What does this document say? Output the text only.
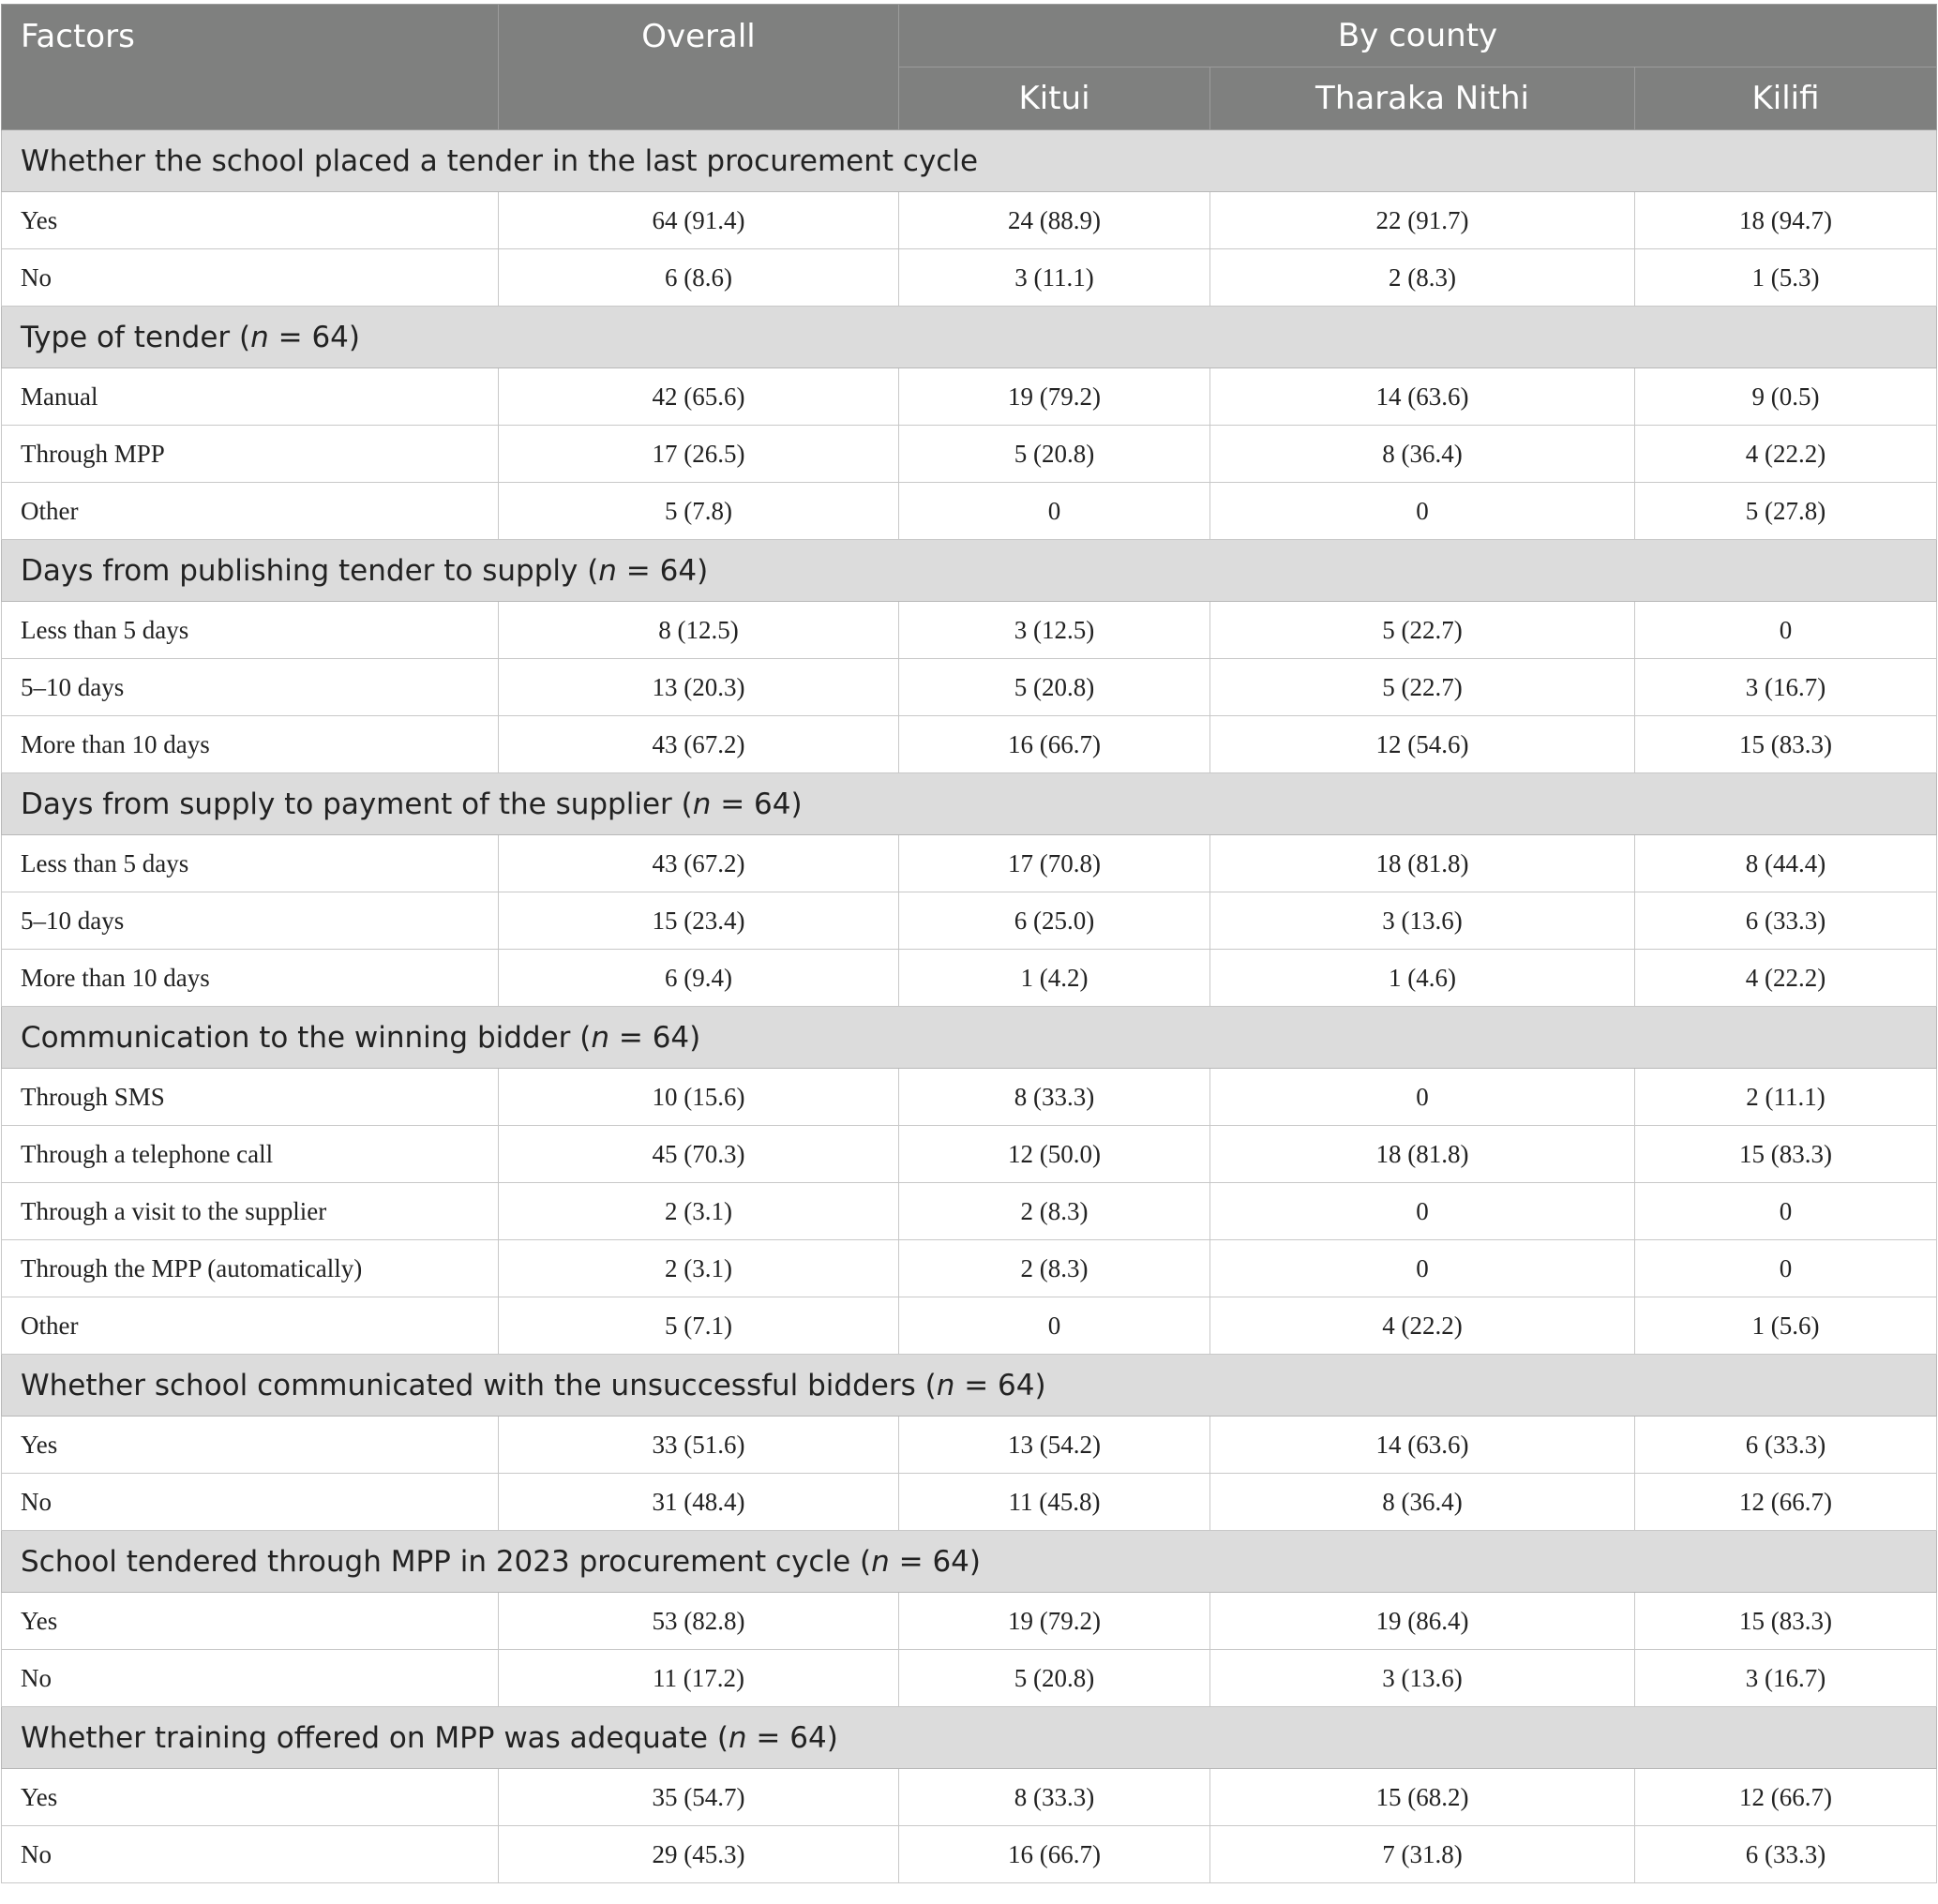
Factors	Overall	By county		
		Kitui	Tharaka Nithi	Kilifi
Whether the school placed a tender in the last procurement cycle				
Yes	64 (91.4)	24 (88.9)	22 (91.7)	18 (94.7)
No	6 (8.6)	3 (11.1)	2 (8.3)	1 (5.3)
Type of tender (n = 64)				
Manual	42 (65.6)	19 (79.2)	14 (63.6)	9 (0.5)
Through MPP	17 (26.5)	5 (20.8)	8 (36.4)	4 (22.2)
Other	5 (7.8)	0	0	5 (27.8)
Days from publishing tender to supply (n = 64)				
Less than 5 days	8 (12.5)	3 (12.5)	5 (22.7)	0
5–10 days	13 (20.3)	5 (20.8)	5 (22.7)	3 (16.7)
More than 10 days	43 (67.2)	16 (66.7)	12 (54.6)	15 (83.3)
Days from supply to payment of the supplier (n = 64)				
Less than 5 days	43 (67.2)	17 (70.8)	18 (81.8)	8 (44.4)
5–10 days	15 (23.4)	6 (25.0)	3 (13.6)	6 (33.3)
More than 10 days	6 (9.4)	1 (4.2)	1 (4.6)	4 (22.2)
Communication to the winning bidder (n = 64)				
Through SMS	10 (15.6)	8 (33.3)	0	2 (11.1)
Through a telephone call	45 (70.3)	12 (50.0)	18 (81.8)	15 (83.3)
Through a visit to the supplier	2 (3.1)	2 (8.3)	0	0
Through the MPP (automatically)	2 (3.1)	2 (8.3)	0	0
Other	5 (7.1)	0	4 (22.2)	1 (5.6)
Whether school communicated with the unsuccessful bidders (n = 64)				
Yes	33 (51.6)	13 (54.2)	14 (63.6)	6 (33.3)
No	31 (48.4)	11 (45.8)	8 (36.4)	12 (66.7)
School tendered through MPP in 2023 procurement cycle (n = 64)				
Yes	53 (82.8)	19 (79.2)	19 (86.4)	15 (83.3)
No	11 (17.2)	5 (20.8)	3 (13.6)	3 (16.7)
Whether training offered on MPP was adequate (n = 64)				
Yes	35 (54.7)	8 (33.3)	15 (68.2)	12 (66.7)
No	29 (45.3)	16 (66.7)	7 (31.8)	6 (33.3)
